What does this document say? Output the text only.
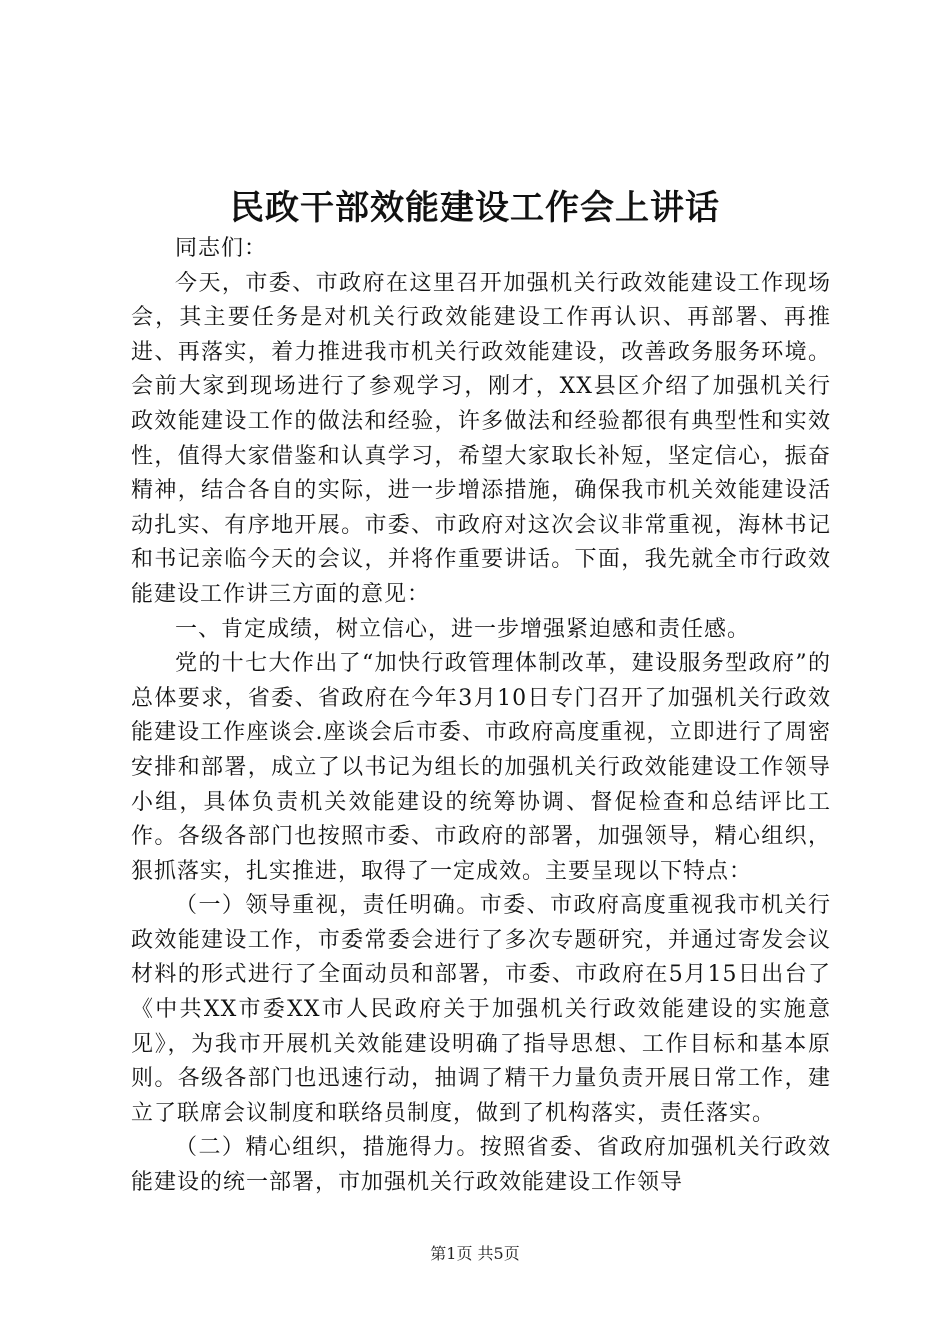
民政干部效能建设工作会上讲话

同志们：

今天，市委、市政府在这里召开加强机关行政效能建设工作现场会，其主要任务是对机关行政效能建设工作再认识、再部署、再推进、再落实，着力推进我市机关行政效能建设，改善政务服务环境。会前大家到现场进行了参观学习，刚才，XX县区介绍了加强机关行政效能建设工作的做法和经验，许多做法和经验都很有典型性和实效性，值得大家借鉴和认真学习，希望大家取长补短，坚定信心，振奋精神，结合各自的实际，进一步增添措施，确保我市机关效能建设活动扎实、有序地开展。市委、市政府对这次会议非常重视，海林书记和书记亲临今天的会议，并将作重要讲话。下面，我先就全市行政效能建设工作讲三方面的意见：

一、肯定成绩，树立信心，进一步增强紧迫感和责任感。

党的十七大作出了“加快行政管理体制改革，建设服务型政府”的总体要求，省委、省政府在今年3月10日专门召开了加强机关行政效能建设工作座谈会.座谈会后市委、市政府高度重视，立即进行了周密安排和部署，成立了以书记为组长的加强机关行政效能建设工作领导小组，具体负责机关效能建设的统筹协调、督促检查和总结评比工作。各级各部门也按照市委、市政府的部署，加强领导，精心组织，狠抓落实，扎实推进，取得了一定成效。主要呈现以下特点：

（一）领导重视，责任明确。市委、市政府高度重视我市机关行政效能建设工作，市委常委会进行了多次专题研究，并通过寄发会议材料的形式进行了全面动员和部署，市委、市政府在5月15日出台了《中共XX市委XX市人民政府关于加强机关行政效能建设的实施意见》，为我市开展机关效能建设明确了指导思想、工作目标和基本原则。各级各部门也迅速行动，抽调了精干力量负责开展日常工作，建立了联席会议制度和联络员制度，做到了机构落实，责任落实。

（二）精心组织，措施得力。按照省委、省政府加强机关行政效能建设的统一部署，市加强机关行政效能建设工作领导

第1页 共5页
